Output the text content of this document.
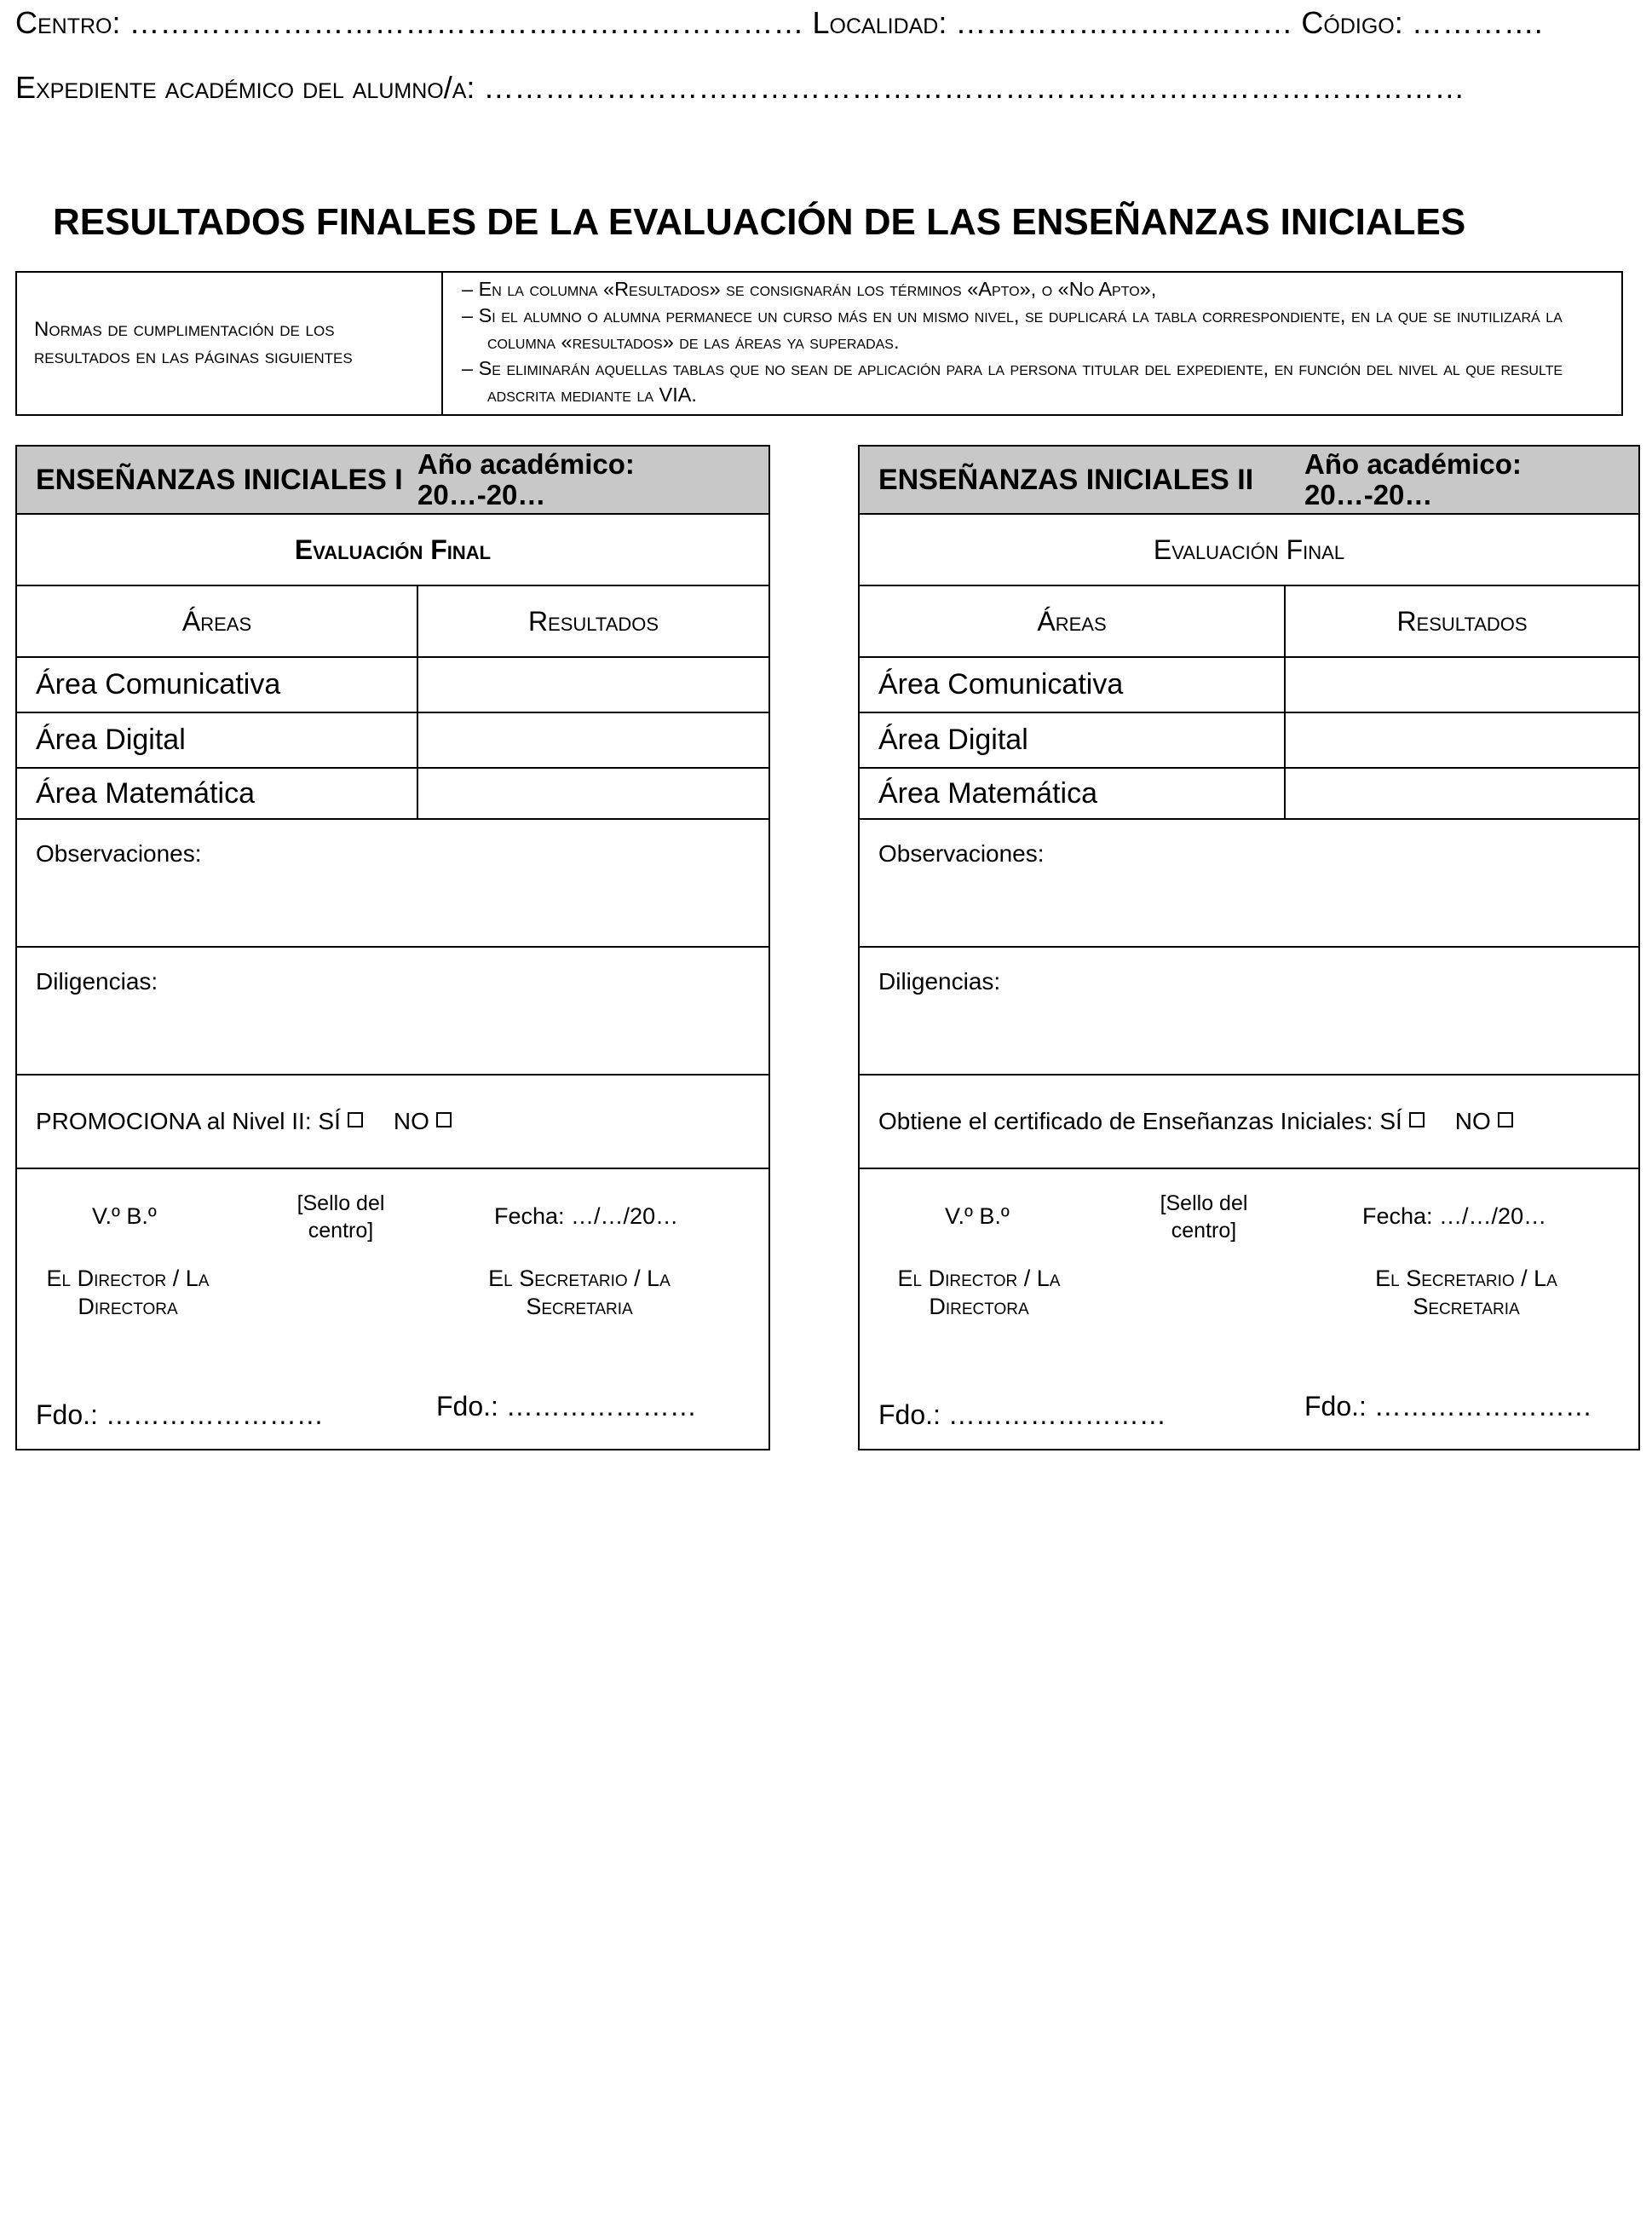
Centro: ………………………………………………………… Localidad: …………………………… Código: ………….
Expediente académico del alumno/a: ……………………………………………………………………………………
RESULTADOS FINALES DE LA EVALUACIÓN DE LAS ENSEÑANZAS INICIALES
Normas de cumplimentación de los resultados en las páginas siguientes
– En la columna «Resultados» se consignarán los términos «Apto», o «No Apto»,
– Si el alumno o alumna permanece un curso más en un mismo nivel, se duplicará la tabla correspondiente, en la que se inutilizará la columna «resultados» de las áreas ya superadas.
– Se eliminarán aquellas tablas que no sean de aplicación para la persona titular del expediente, en función del nivel al que resulte adscrita mediante la VIA.
ENSEÑANZAS INICIALES I Año académico:
20…-20…
Evaluación Final
Áreas	Resultados
Área Comunicativa
Área Digital
Área Matemática
Observaciones:
Diligencias:
PROMOCIONA al Nivel II: SÍ NO
V.º B.º	[Sello del centro]
Fecha: …/…/20…
El Director / La Directora
El Secretario / La Secretaria
Fdo.: ……………………	Fdo.: …………………
ENSEÑANZAS INICIALES II	Año académico:
20…-20…
Evaluación Final
Áreas	Resultados
Área Comunicativa
Área Digital
Área Matemática
Observaciones:
Diligencias:
Obtiene el certificado de Enseñanzas Iniciales: SÍ NO
V.º B.º	[Sello del centro]
Fecha: …/…/20…
El Director / La Directora
El Secretario / La Secretaria
Fdo.: ……………………	Fdo.: ……………………
